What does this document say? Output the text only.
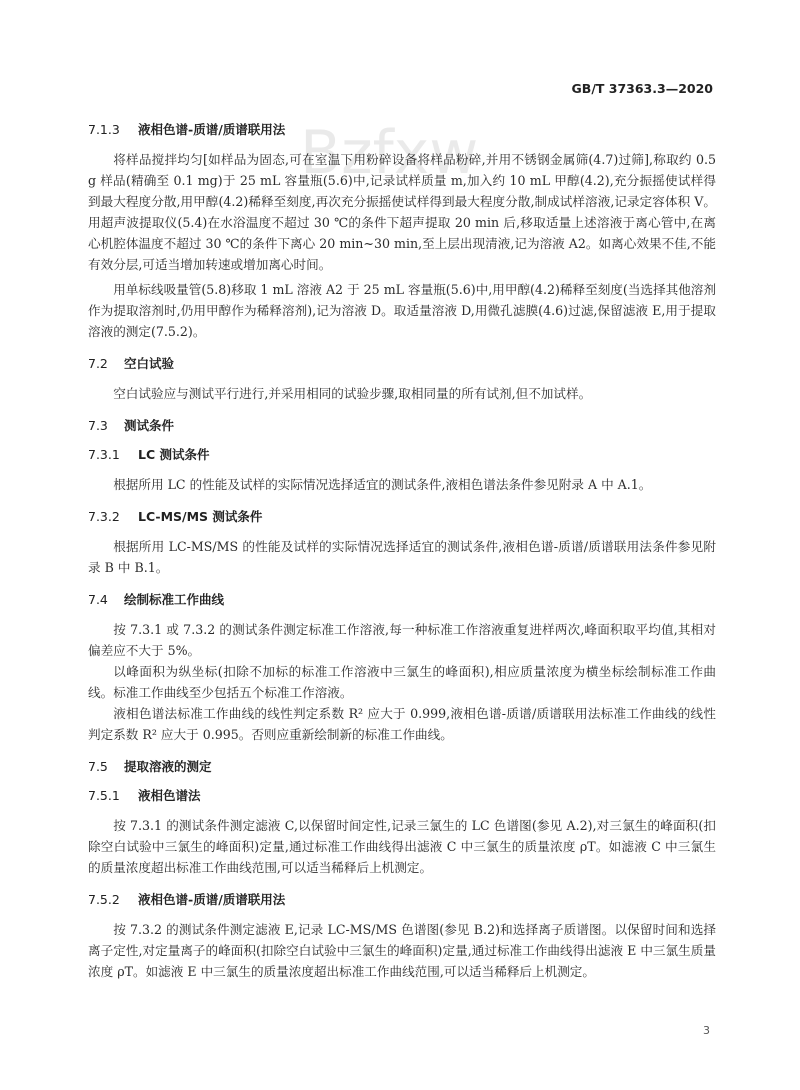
Bzfxw
GB/T 37363.3—2020
7.1.3 液相色谱-质谱/质谱联用法

将样品搅拌均匀[如样品为固态,可在室温下用粉碎设备将样品粉碎,并用不锈钢金属筛(4.7)过筛],称取约 0.5 g 样品(精确至 0.1 mg)于 25 mL 容量瓶(5.6)中,记录试样质量 m,加入约 10 mL 甲醇(4.2),充分振摇使试样得到最大程度分散,用甲醇(4.2)稀释至刻度,再次充分振摇使试样得到最大程度分散,制成试样溶液,记录定容体积 V。用超声波提取仪(5.4)在水浴温度不超过 30 ℃的条件下超声提取 20 min 后,移取适量上述溶液于离心管中,在离心机腔体温度不超过 30 ℃的条件下离心 20 min~30 min,至上层出现清液,记为溶液 A2。如离心效果不佳,不能有效分层,可适当增加转速或增加离心时间。

用单标线吸量管(5.8)移取 1 mL 溶液 A2 于 25 mL 容量瓶(5.6)中,用甲醇(4.2)稀释至刻度(当选择其他溶剂作为提取溶剂时,仍用甲醇作为稀释溶剂),记为溶液 D。取适量溶液 D,用微孔滤膜(4.6)过滤,保留滤液 E,用于提取溶液的测定(7.5.2)。

7.2 空白试验

空白试验应与测试平行进行,并采用相同的试验步骤,取相同量的所有试剂,但不加试样。

7.3 测试条件
7.3.1 LC 测试条件

根据所用 LC 的性能及试样的实际情况选择适宜的测试条件,液相色谱法条件参见附录 A 中 A.1。

7.3.2 LC-MS/MS 测试条件

根据所用 LC-MS/MS 的性能及试样的实际情况选择适宜的测试条件,液相色谱-质谱/质谱联用法条件参见附录 B 中 B.1。

7.4 绘制标准工作曲线

按 7.3.1 或 7.3.2 的测试条件测定标准工作溶液,每一种标准工作溶液重复进样两次,峰面积取平均值,其相对偏差应不大于 5%。

以峰面积为纵坐标(扣除不加标的标准工作溶液中三氯生的峰面积),相应质量浓度为横坐标绘制标准工作曲线。标准工作曲线至少包括五个标准工作溶液。

液相色谱法标准工作曲线的线性判定系数 R² 应大于 0.999,液相色谱-质谱/质谱联用法标准工作曲线的线性判定系数 R² 应大于 0.995。否则应重新绘制新的标准工作曲线。

7.5 提取溶液的测定
7.5.1 液相色谱法

按 7.3.1 的测试条件测定滤液 C,以保留时间定性,记录三氯生的 LC 色谱图(参见 A.2),对三氯生的峰面积(扣除空白试验中三氯生的峰面积)定量,通过标准工作曲线得出滤液 C 中三氯生的质量浓度 ρT。如滤液 C 中三氯生的质量浓度超出标准工作曲线范围,可以适当稀释后上机测定。

7.5.2 液相色谱-质谱/质谱联用法

按 7.3.2 的测试条件测定滤液 E,记录 LC-MS/MS 色谱图(参见 B.2)和选择离子质谱图。以保留时间和选择离子定性,对定量离子的峰面积(扣除空白试验中三氯生的峰面积)定量,通过标准工作曲线得出滤液 E 中三氯生质量浓度 ρT。如滤液 E 中三氯生的质量浓度超出标准工作曲线范围,可以适当稀释后上机测定。

3
